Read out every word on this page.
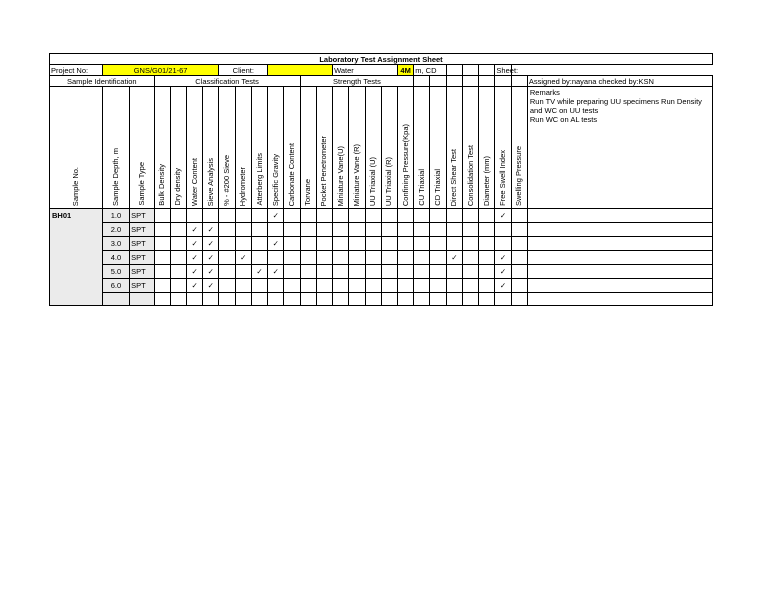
Laboratory Test Assignment Sheet																										
Project No:	GNS/G01/21-67						Client:							Water				4M	m, CD					Sheet:		
Sample Identification			Classification Tests									Strength Tests														Assigned by:nayana checked by:KSN

Sample No.	Sample Depth, m	Sample Type	Bulk Density	Dry density	Water Content	Sieve Analysis	% - #200 Sieve	Hydrometer	Atterberg Limits	Specific Gravity	Carbonate Content	Torvane	Pocket Penetrometer	Miniature Vane(U)	Miniature Vane (R)	UU Triaxial (U)	UU Triaxial (R)	Confining Pressure(Kpa)	CU Triaxial	CD Triaxial	Direct Shear Test	Consolidation Test	Diameter (mm)	Free Swell Index	Swelling Pressure	Remarks
Run TV while preparing UU specimens Run Density and WC on UU tests
Run WC on AL tests

BH01	1.0	SPT								✓														✓		
	2.0	SPT			✓	✓																				
	3.0	SPT			✓	✓				✓																
	4.0	SPT			✓	✓		✓													✓			✓		
	5.0	SPT			✓	✓			✓	✓														✓		
	6.0	SPT			✓	✓																		✓		
